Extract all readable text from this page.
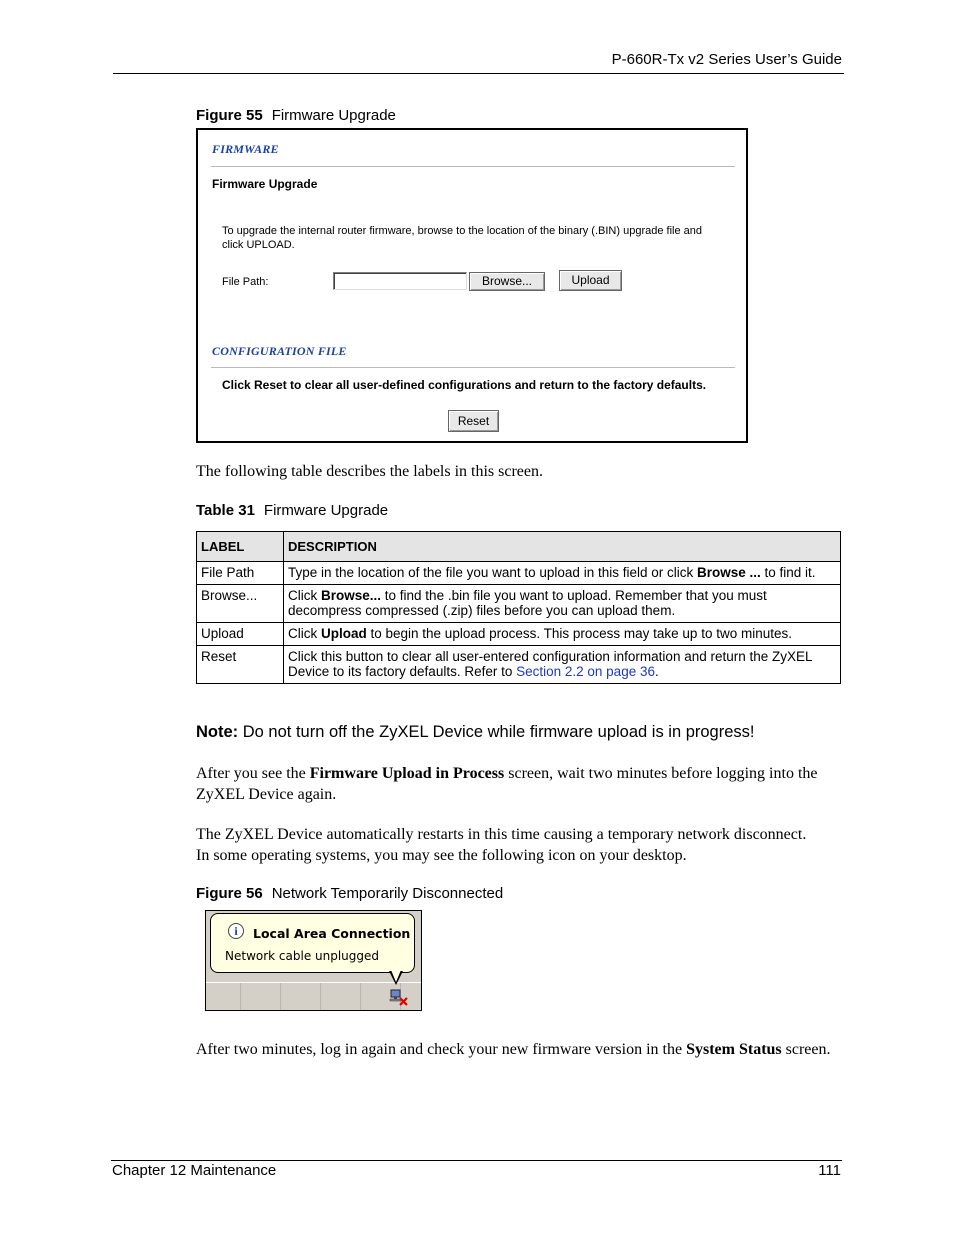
P-660R-Tx v2 Series User’s Guide
Figure 55 Firmware Upgrade
FIRMWARE
Firmware Upgrade
To upgrade the internal router firmware, browse to the location of the binary (.BIN) upgrade file and
click UPLOAD.
File Path:	Browse...	Upload
CONFIGURATION FILE
Click Reset to clear all user-defined configurations and return to the factory defaults.
Reset
The following table describes the labels in this screen.
Table 31 Firmware Upgrade
LABEL	DESCRIPTION
File Path	Type in the location of the file you want to upload in this field or click Browse ... to find it.
Browse...	Click Browse... to find the .bin file you want to upload. Remember that you must decompress compressed (.zip) files before you can upload them.
Upload	Click Upload to begin the upload process. This process may take up to two minutes.
Reset	Click this button to clear all user-entered configuration information and return the ZyXEL Device to its factory defaults. Refer to Section 2.2 on page 36.
Note: Do not turn off the ZyXEL Device while firmware upload is in progress!
After you see the Firmware Upload in Process screen, wait two minutes before logging into the ZyXEL Device again.
The ZyXEL Device automatically restarts in this time causing a temporary network disconnect. In some operating systems, you may see the following icon on your desktop.
Figure 56 Network Temporarily Disconnected
i	Local Area Connection
Network cable unplugged
After two minutes, log in again and check your new firmware version in the System Status screen.
Chapter 12 Maintenance	111
